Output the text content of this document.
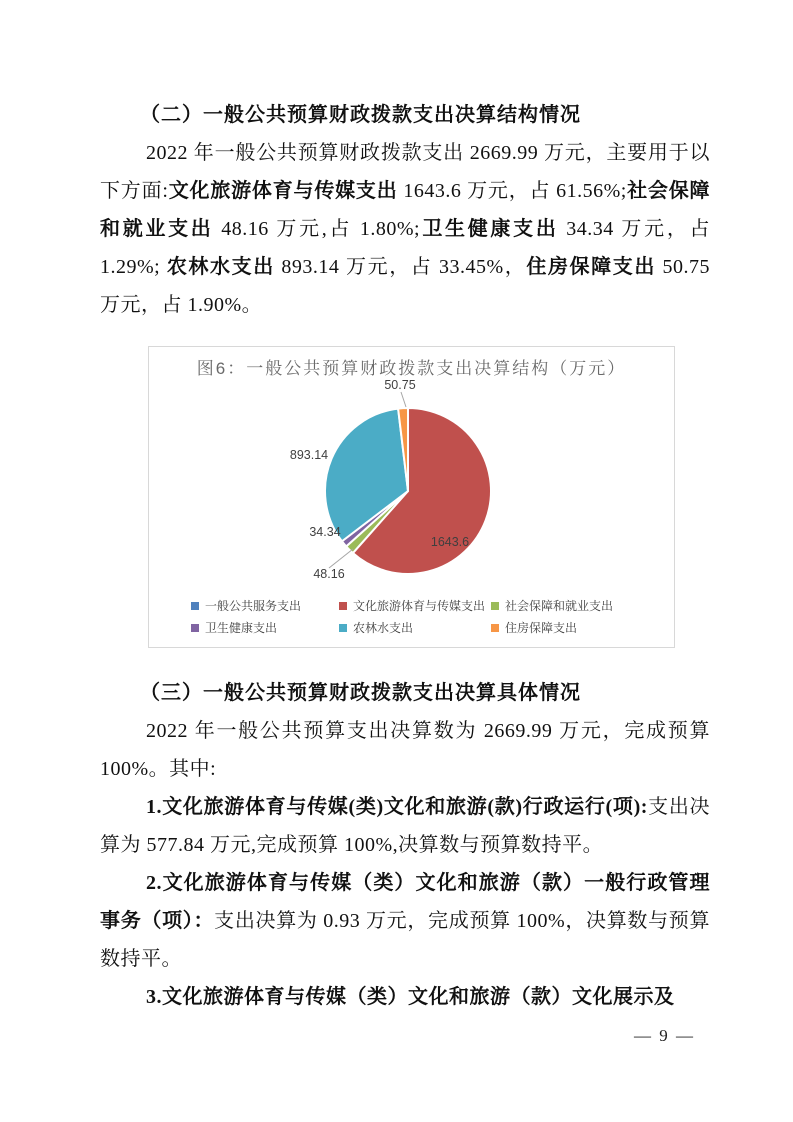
（二）一般公共预算财政拨款支出决算结构情况

2022 年一般公共预算财政拨款支出 2669.99 万元，主要用于以下方面:文化旅游体育与传媒支出 1643.6 万元，占 61.56%;社会保障和就业支出 48.16 万元,占 1.80%;卫生健康支出 34.34 万元，占 1.29%; 农林水支出 893.14 万元，占 33.45%，住房保障支出 50.75 万元，占 1.90%。

图6：一般公共预算财政拨款支出决算结构（万元）
50.75
893.14
34.34
48.16
1643.6
一般公共服务支出	文化旅游体育与传媒支出 社会保障和就业支出
卫生健康支出	农林水支出	住房保障支出
（三）一般公共预算财政拨款支出决算具体情况

2022 年一般公共预算支出决算数为 2669.99 万元，完成预算 100%。其中:

1.文化旅游体育与传媒(类)文化和旅游(款)行政运行(项):支出决算为 577.84 万元,完成预算 100%,决算数与预算数持平。

2.文化旅游体育与传媒（类）文化和旅游（款）一般行政管理事务（项）：支出决算为 0.93 万元，完成预算 100%，决算数与预算数持平。

3.文化旅游体育与传媒（类）文化和旅游（款）文化展示及

— 9 —
